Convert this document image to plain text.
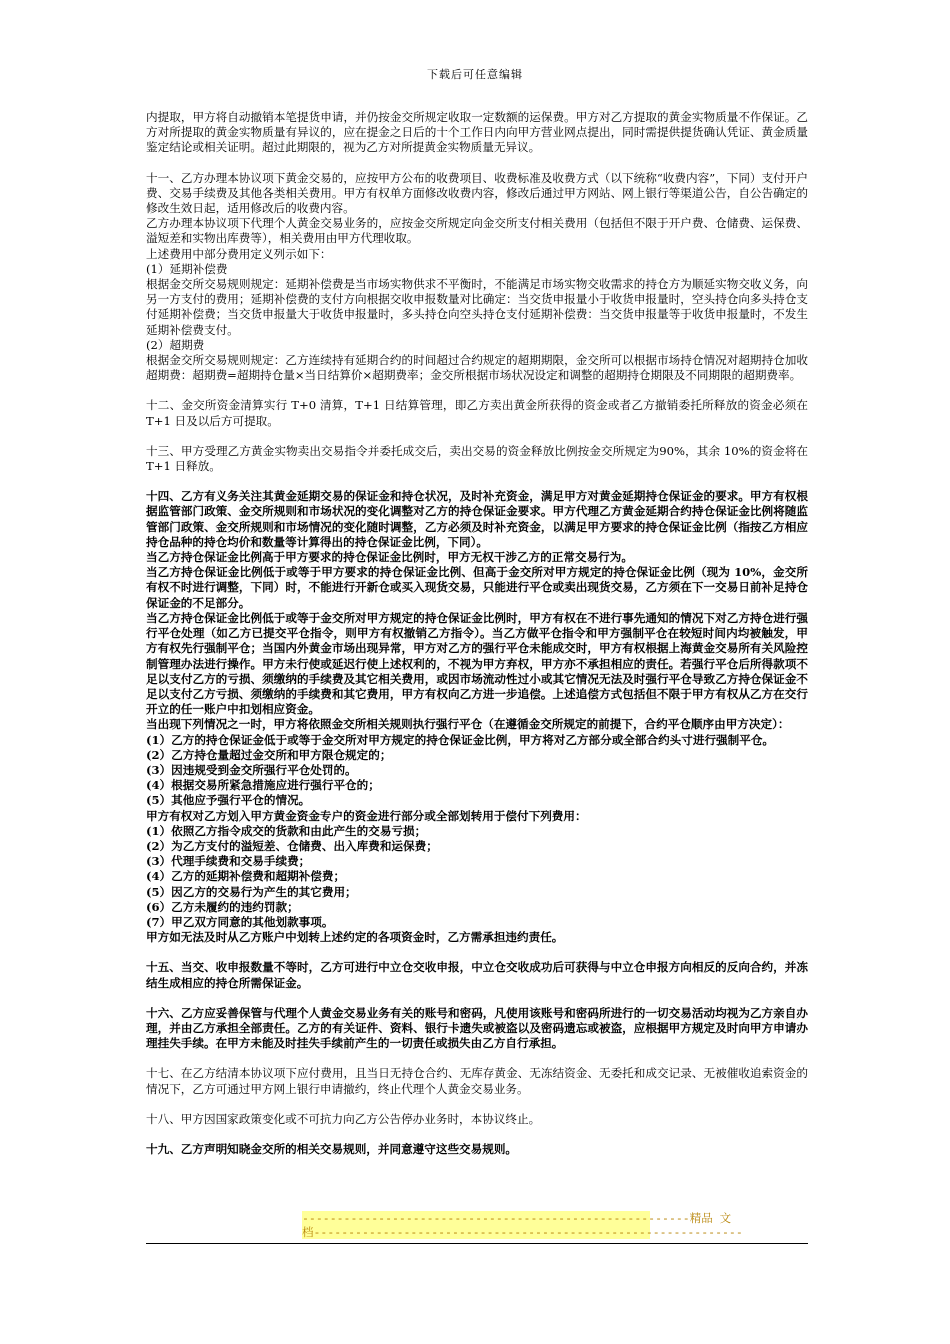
下载后可任意编辑

内提取，甲方将自动撤销本笔提货申请，并仍按金交所规定收取一定数额的运保费。甲方对乙方提取的黄金实物质量不作保证。乙方对所提取的黄金实物质量有异议的，应在提金之日后的十个工作日内向甲方营业网点提出，同时需提供提货确认凭证、黄金质量鉴定结论或相关证明。超过此期限的，视为乙方对所提黄金实物质量无异议。

十一、乙方办理本协议项下黄金交易的，应按甲方公布的收费项目、收费标准及收费方式（以下统称“收费内容”，下同）支付开户费、交易手续费及其他各类相关费用。甲方有权单方面修改收费内容，修改后通过甲方网站、网上银行等渠道公告，自公告确定的修改生效日起，适用修改后的收费内容。

乙方办理本协议项下代理个人黄金交易业务的，应按金交所规定向金交所支付相关费用（包括但不限于开户费、仓储费、运保费、溢短差和实物出库费等），相关费用由甲方代理收取。

上述费用中部分费用定义列示如下：

(1）延期补偿费

根据金交所交易规则规定：延期补偿费是当市场实物供求不平衡时，不能满足市场实物交收需求的持仓方为顺延实物交收义务，向另一方支付的费用；延期补偿费的支付方向根据交收申报数量对比确定：当交货申报量小于收货申报量时，空头持仓向多头持仓支付延期补偿费；当交货申报量大于收货申报量时，多头持仓向空头持仓支付延期补偿费：当交货申报量等于收货申报量时，不发生延期补偿费支付。

(2）超期费

根据金交所交易规则规定：乙方连续持有延期合约的时间超过合约规定的超期期限，金交所可以根据市场持仓情况对超期持仓加收超期费：超期费=超期持仓量×当日结算价×超期费率；金交所根据市场状况设定和调整的超期持仓期限及不同期限的超期费率。

十二、金交所资金清算实行 T+0 清算，T+1 日结算管理，即乙方卖出黄金所获得的资金或者乙方撤销委托所释放的资金必须在 T+1 日及以后方可提取。

十三、甲方受理乙方黄金实物卖出交易指令并委托成交后，卖出交易的资金释放比例按金交所规定为90%，其余 10%的资金将在 T+1 日释放。

十四、乙方有义务关注其黄金延期交易的保证金和持仓状况，及时补充资金，满足甲方对黄金延期持仓保证金的要求。甲方有权根据监管部门政策、金交所规则和市场状况的变化调整对乙方的持仓保证金要求。甲方代理乙方黄金延期合约持仓保证金比例将随监管部门政策、金交所规则和市场情况的变化随时调整，乙方必须及时补充资金，以满足甲方要求的持仓保证金比例（指按乙方相应持仓品种的持仓均价和数量等计算得出的持仓保证金比例，下同）。

当乙方持仓保证金比例高于甲方要求的持仓保证金比例时，甲方无权干涉乙方的正常交易行为。

当乙方持仓保证金比例低于或等于甲方要求的持仓保证金比例、但高于金交所对甲方规定的持仓保证金比例（现为 10%，金交所有权不时进行调整，下同）时，不能进行开新仓或买入现货交易，只能进行平仓或卖出现货交易，乙方须在下一交易日前补足持仓保证金的不足部分。

当乙方持仓保证金比例低于或等于金交所对甲方规定的持仓保证金比例时，甲方有权在不进行事先通知的情况下对乙方持仓进行强行平仓处理（如乙方已提交平仓指令，则甲方有权撤销乙方指令）。当乙方做平仓指令和甲方强制平仓在较短时间内均被触发，甲方有权先行强制平仓；当国内外黄金市场出现异常，甲方对乙方的强行平仓未能成交时，甲方有权根据上海黄金交易所有关风险控制管理办法进行操作。甲方未行使或延迟行使上述权利的，不视为甲方弃权，甲方亦不承担相应的责任。若强行平仓后所得款项不足以支付乙方的亏损、须缴纳的手续费及其它相关费用，或因市场流动性过小或其它情况无法及时强行平仓导致乙方持仓保证金不足以支付乙方亏损、须缴纳的手续费和其它费用，甲方有权向乙方进一步追偿。上述追偿方式包括但不限于甲方有权从乙方在交行开立的任一账户中扣划相应资金。

当出现下列情况之一时，甲方将依照金交所相关规则执行强行平仓（在遵循金交所规定的前提下，合约平仓顺序由甲方决定）：

(1）乙方的持仓保证金低于或等于金交所对甲方规定的持仓保证金比例，甲方将对乙方部分或全部合约头寸进行强制平仓。

(2）乙方持仓量超过金交所和甲方限仓规定的；

(3）因违规受到金交所强行平仓处罚的。

(4）根据交易所紧急措施应进行强行平仓的；

(5）其他应予强行平仓的情况。

甲方有权对乙方划入甲方黄金资金专户的资金进行部分或全部划转用于偿付下列费用：

(1）依照乙方指令成交的货款和由此产生的交易亏损；

(2）为乙方支付的溢短差、仓储费、出入库费和运保费；

(3）代理手续费和交易手续费；

(4）乙方的延期补偿费和超期补偿费；

(5）因乙方的交易行为产生的其它费用；

(6）乙方未履约的违约罚款；

(7）甲乙双方同意的其他划款事项。

甲方如无法及时从乙方账户中划转上述约定的各项资金时，乙方需承担违约责任。

十五、当交、收申报数量不等时，乙方可进行中立仓交收申报，中立仓交收成功后可获得与中立仓申报方向相反的反向合约，并冻结生成相应的持仓所需保证金。

十六、乙方应妥善保管与代理个人黄金交易业务有关的账号和密码，凡使用该账号和密码所进行的一切交易活动均视为乙方亲自办理，并由乙方承担全部责任。乙方的有关证件、资料、银行卡遗失或被盗以及密码遗忘或被盗，应根据甲方规定及时向甲方申请办理挂失手续。在甲方未能及时挂失手续前产生的一切责任或损失由乙方自行承担。

十七、在乙方结清本协议项下应付费用，且当日无持仓合约、无库存黄金、无冻结资金、无委托和成交记录、无被催收追索资金的情况下，乙方可通过甲方网上银行申请撤约，终止代理个人黄金交易业务。

十八、甲方因国家政策变化或不可抗力向乙方公告停办业务时，本协议终止。

十九、乙方声明知晓金交所的相关交易规则，并同意遵守这些交易规则。

--------------------------------------------------------精品 文
档--------------------------------------------------------------
